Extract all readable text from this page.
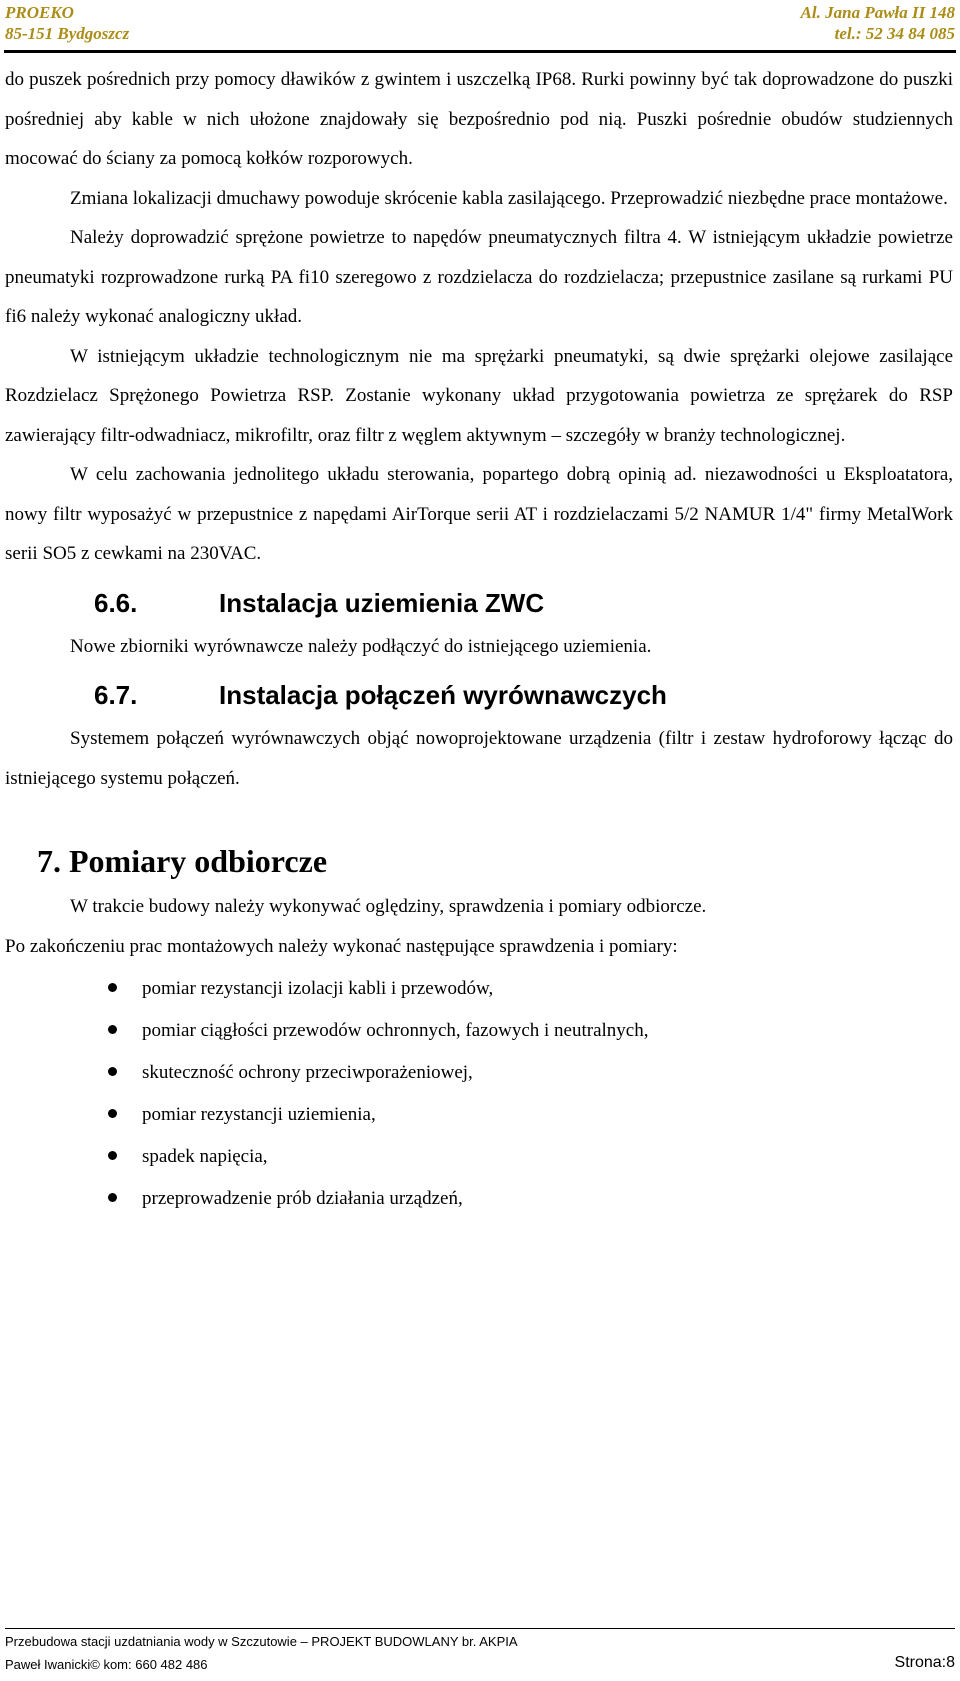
PROEKO
85-151 Bydgoszcz
Al. Jana Pawła II 148
tel.: 52 34 84 085

do puszek pośrednich przy pomocy dławików z gwintem i uszczelką IP68. Rurki powinny być tak doprowadzone do puszki pośredniej aby kable w nich ułożone znajdowały się bezpośrednio pod nią. Puszki pośrednie obudów studziennych mocować do ściany za pomocą kołków rozporowych.

Zmiana lokalizacji dmuchawy powoduje skrócenie kabla zasilającego. Przeprowadzić niezbędne prace montażowe.

Należy doprowadzić sprężone powietrze to napędów pneumatycznych filtra 4. W istniejącym układzie powietrze pneumatyki rozprowadzone rurką PA fi10 szeregowo z rozdzielacza do rozdzielacza; przepustnice zasilane są rurkami PU fi6 należy wykonać analogiczny układ.

W istniejącym układzie technologicznym nie ma sprężarki pneumatyki, są dwie sprężarki olejowe zasilające Rozdzielacz Sprężonego Powietrza RSP. Zostanie wykonany układ przygotowania powietrza ze sprężarek do RSP zawierający filtr-odwadniacz, mikrofiltr, oraz filtr z węglem aktywnym – szczegóły w branży technologicznej.

W celu zachowania jednolitego układu sterowania, popartego dobrą opinią ad. niezawodności u Eksploatatora, nowy filtr wyposażyć w przepustnice z napędami AirTorque serii AT i rozdzielaczami 5/2 NAMUR 1/4" firmy MetalWork serii SO5 z cewkami na 230VAC.

6.6.	Instalacja uziemienia ZWC

Nowe zbiorniki wyrównawcze należy podłączyć do istniejącego uziemienia.

6.7.	Instalacja połączeń wyrównawczych

Systemem połączeń wyrównawczych objąć nowoprojektowane urządzenia (filtr i zestaw hydroforowy łącząc do istniejącego systemu połączeń.

7. Pomiary odbiorcze

W trakcie budowy należy wykonywać oględziny, sprawdzenia i pomiary odbiorcze.

Po zakończeniu prac montażowych należy wykonać następujące sprawdzenia i pomiary:

pomiar rezystancji izolacji kabli i przewodów,
pomiar ciągłości przewodów ochronnych, fazowych i neutralnych,
skuteczność ochrony przeciwporażeniowej,
pomiar rezystancji uziemienia,
spadek napięcia,
przeprowadzenie prób działania urządzeń,
Przebudowa stacji uzdatniania wody w Szczutowie – PROJEKT BUDOWLANY br. AKPIA
Paweł Iwanicki© kom: 660 482 486	Strona:8
